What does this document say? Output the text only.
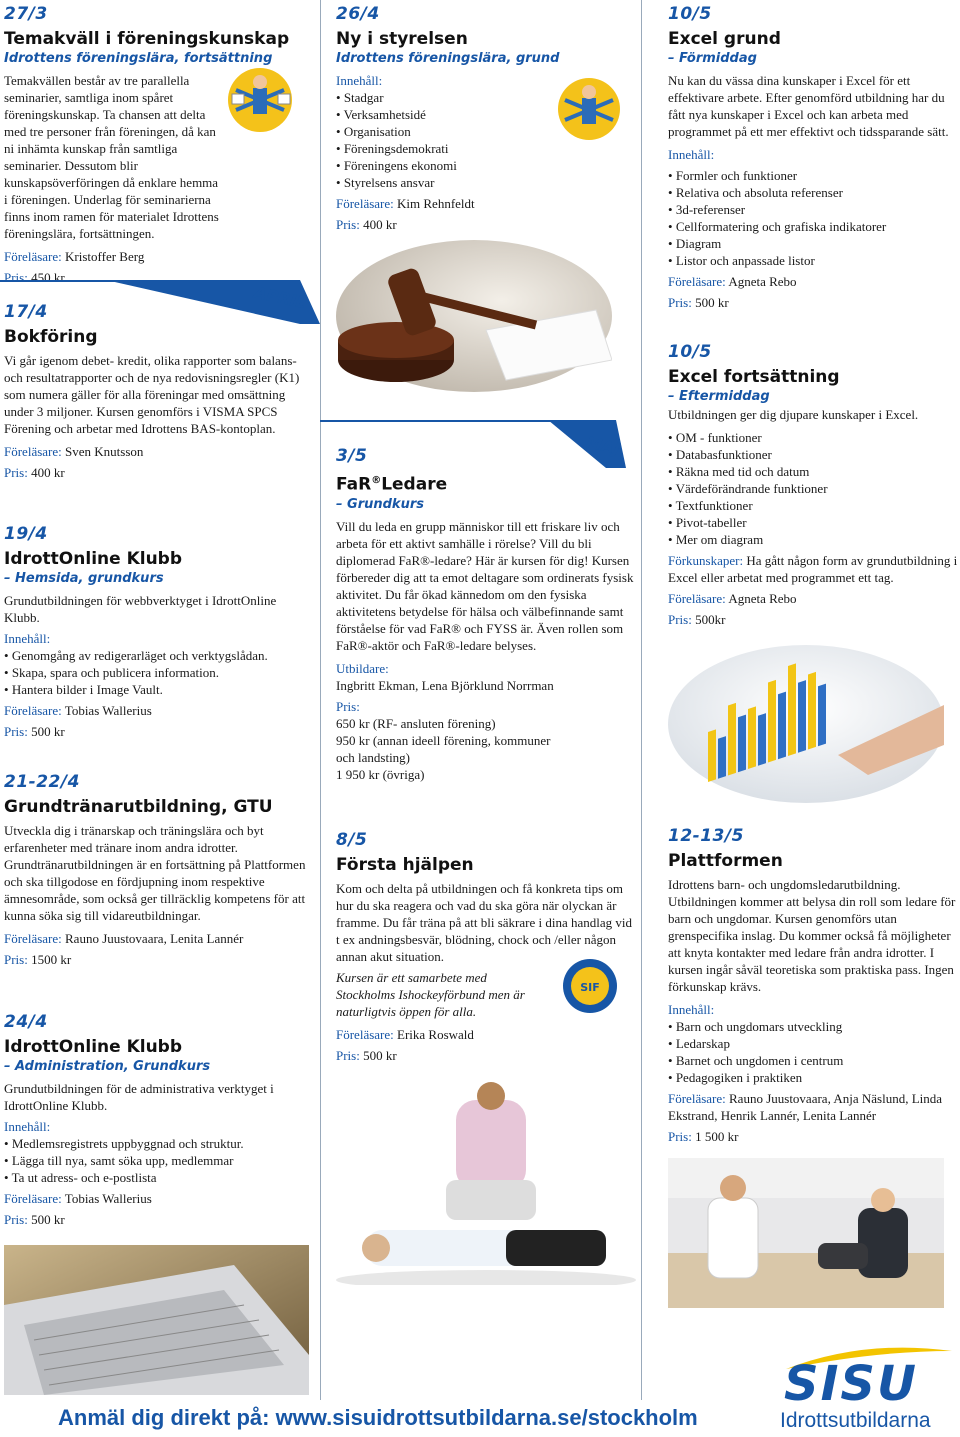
27/3
Temakväll i föreningskunskap
Idrottens föreningslära, fortsättning

Temakvällen består av tre parallella seminarier, samtliga inom spåret föreningskunskap. Ta chansen att delta med tre personer från föreningen, då kan ni inhämta kunskap från samtliga seminarier. Dessutom blir kunskapsöverföringen då enklare hemma i föreningen. Underlag för seminarierna finns inom ramen för materialet Idrottens föreningslära, fortsättningen.

Föreläsare: Kristoffer Berg

Pris: 450 kr

APRIL
17/4
Bokföring

Vi går igenom debet- kredit, olika rapporter som balans- och resultatrapporter och de nya redovisningsregler (K1) som numera gäller för alla föreningar med omsättning under 3 miljoner. Kursen genomförs i VISMA SPCS Förening och arbetar med Idrottens BAS-kontoplan.

Föreläsare: Sven Knutsson

Pris: 400 kr

19/4
IdrottOnline Klubb
– Hemsida, grundkurs

Grundutbildningen för webbverktyget i IdrottOnline Klubb.

Innehåll:

• Genomgång av redigerarläget och verktygslådan.
• Skapa, spara och publicera information.
• Hantera bilder i Image Vault.

Föreläsare: Tobias Wallerius

Pris: 500 kr

21-22/4
Grundtränarutbildning, GTU

Utveckla dig i tränarskap och träningslära och byt erfarenheter med tränare inom andra idrotter. Grundtränarutbildningen är en fortsättning på Plattformen och ska tillgodose en fördjupning inom respektive ämnesområde, som också ger tillräcklig kompetens för att kunna söka sig till vidareutbildningar.

Föreläsare: Rauno Juustovaara, Lenita Lannér

Pris: 1500 kr

24/4
IdrottOnline Klubb
– Administration, Grundkurs

Grundutbildningen för de administrativa verktyget i IdrottOnline Klubb.

Innehåll:

• Medlemsregistrets uppbyggnad och struktur.
• Lägga till nya, samt söka upp, medlemmar
• Ta ut adress- och e-postlista

Föreläsare: Tobias Wallerius

Pris: 500 kr

26/4
Ny i styrelsen
Idrottens föreningslära, grund

Innehåll:

• Stadgar
• Verksamhetsidé
• Organisation
• Föreningsdemokrati
• Föreningens ekonomi
• Styrelsens ansvar

Föreläsare: Kim Rehnfeldt

Pris: 400 kr

MAJ
3/5
FaR®Ledare
– Grundkurs

Vill du leda en grupp människor till ett friskare liv och arbeta för ett aktivt samhälle i rörelse? Vill du bli diplomerad FaR®-ledare? Här är kursen för dig! Kursen förbereder dig att ta emot deltagare som ordinerats fysisk aktivitet. Du får ökad kännedom om den fysiska aktivitetens betydelse för hälsa och välbefinnande samt förståelse för vad FaR® och FYSS är. Även rollen som FaR®-aktör och FaR®-ledare belyses.

Utbildare:

Ingbritt Ekman, Lena Björklund Norrman

Pris:

650 kr (RF- ansluten förening)

950 kr (annan ideell förening, kommuner och landsting)

1 950 kr (övriga)

8/5
Första hjälpen

Kom och delta på utbildningen och få konkreta tips om hur du ska reagera och vad du ska göra när olyckan är framme. Du får träna på att bli säkrare i dina handlag vid t ex andningsbesvär, blödning, chock och /eller någon annan akut situation.

Kursen är ett samarbete med Stockholms Ishockeyförbund men är naturligtvis öppen för alla.

SIF

Föreläsare: Erika Roswald

Pris: 500 kr

10/5
Excel grund
– Förmiddag

Nu kan du vässa dina kunskaper i Excel för ett effektivare arbete. Efter genomförd utbildning har du fått nya kunskaper i Excel och kan arbeta med programmet på ett mer effektivt och tidssparande sätt.

Innehåll:

• Formler och funktioner
• Relativa och absoluta referenser
• 3d-referenser
• Cellformatering och grafiska indikatorer
• Diagram
• Listor och anpassade listor

Föreläsare: Agneta Rebo

Pris: 500 kr

10/5
Excel fortsättning
– Eftermiddag

Utbildningen ger dig djupare kunskaper i Excel.

• OM - funktioner
• Databasfunktioner
• Räkna med tid och datum
• Värdeförändrande funktioner
• Textfunktioner
• Pivot-tabeller
• Mer om diagram

Förkunskaper: Ha gått någon form av grundutbildning i Excel eller arbetat med programmet ett tag.

Föreläsare: Agneta Rebo

Pris: 500kr

12-13/5
Plattformen

Idrottens barn- och ungdomsledarutbildning. Utbildningen kommer att belysa din roll som ledare för barn och ungdomar. Kursen genomförs utan grenspecifika inslag. Du kommer också få möjligheter att knyta kontakter med ledare från andra idrotter. I kursen ingår såväl teoretiska som praktiska pass. Ingen förkunskap krävs.

Innehåll:

• Barn och ungdomars utveckling
• Ledarskap
• Barnet och ungdomen i centrum
• Pedagogiken i praktiken

Föreläsare: Rauno Juustovaara, Anja Näslund, Linda Ekstrand, Henrik Lannér, Lenita Lannér

Pris: 1 500 kr

SISU
Idrottsutbildarna
Anmäl dig direkt på: www.sisuidrottsutbildarna.se/stockholm
